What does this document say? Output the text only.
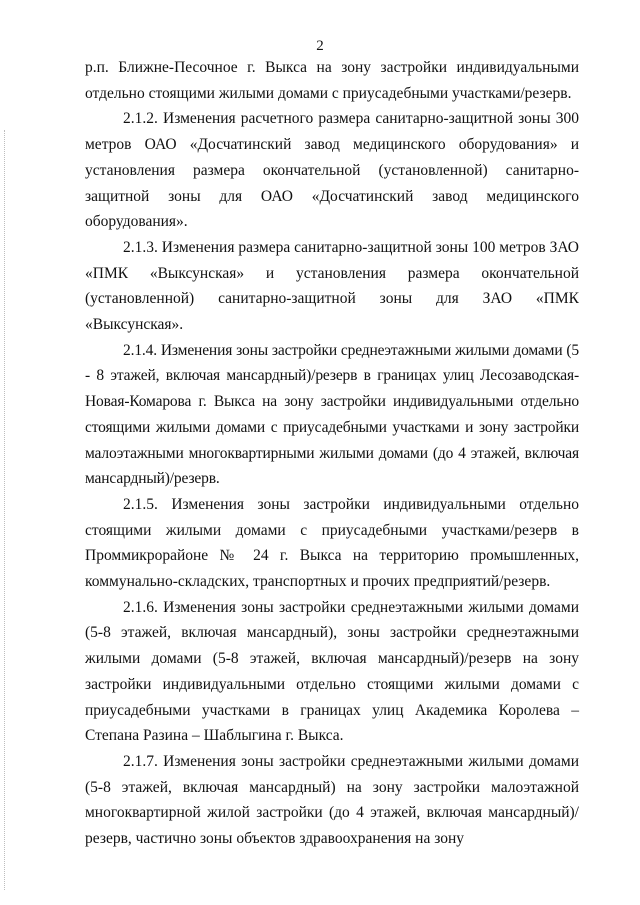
2

р.п. Ближне-Песочное г. Выкса на зону застройки индивидуальными отдельно стоящими жилыми домами с приусадебными участками/резерв.

2.1.2. Изменения расчетного размера санитарно-защитной зоны 300 метров ОАО «Досчатинский завод медицинского оборудования» и установления размера окончательной (установленной) санитарно-защитной зоны для ОАО «Досчатинский завод медицинского оборудования».

2.1.3. Изменения размера санитарно-защитной зоны 100 метров ЗАО «ПМК «Выксунская» и установления размера окончательной (установленной) санитарно-защитной зоны для ЗАО «ПМК «Выксунская».

2.1.4. Изменения зоны застройки среднеэтажными жилыми домами (5 - 8 этажей, включая мансардный)/резерв в границах улиц Лесозаводская-Новая-Комарова г. Выкса на зону застройки индивидуальными отдельно стоящими жилыми домами с приусадебными участками и зону застройки малоэтажными многоквартирными жилыми домами (до 4 этажей, включая мансардный)/резерв.

2.1.5. Изменения зоны застройки индивидуальными отдельно стоящими жилыми домами с приусадебными участками/резерв в Проммикрорайоне № 24 г. Выкса на территорию промышленных, коммунально-складских, транспортных и прочих предприятий/резерв.

2.1.6. Изменения зоны застройки среднеэтажными жилыми домами (5-8 этажей, включая мансардный), зоны застройки среднеэтажными жилыми домами (5-8 этажей, включая мансардный)/резерв на зону застройки индивидуальными отдельно стоящими жилыми домами с приусадебными участками в границах улиц Академика Королева – Степана Разина – Шаблыгина г. Выкса.

2.1.7. Изменения зоны застройки среднеэтажными жилыми домами (5-8 этажей, включая мансардный) на зону застройки малоэтажной многоквартирной жилой застройки (до 4 этажей, включая мансардный)/резерв, частично зоны объектов здравоохранения на зону
